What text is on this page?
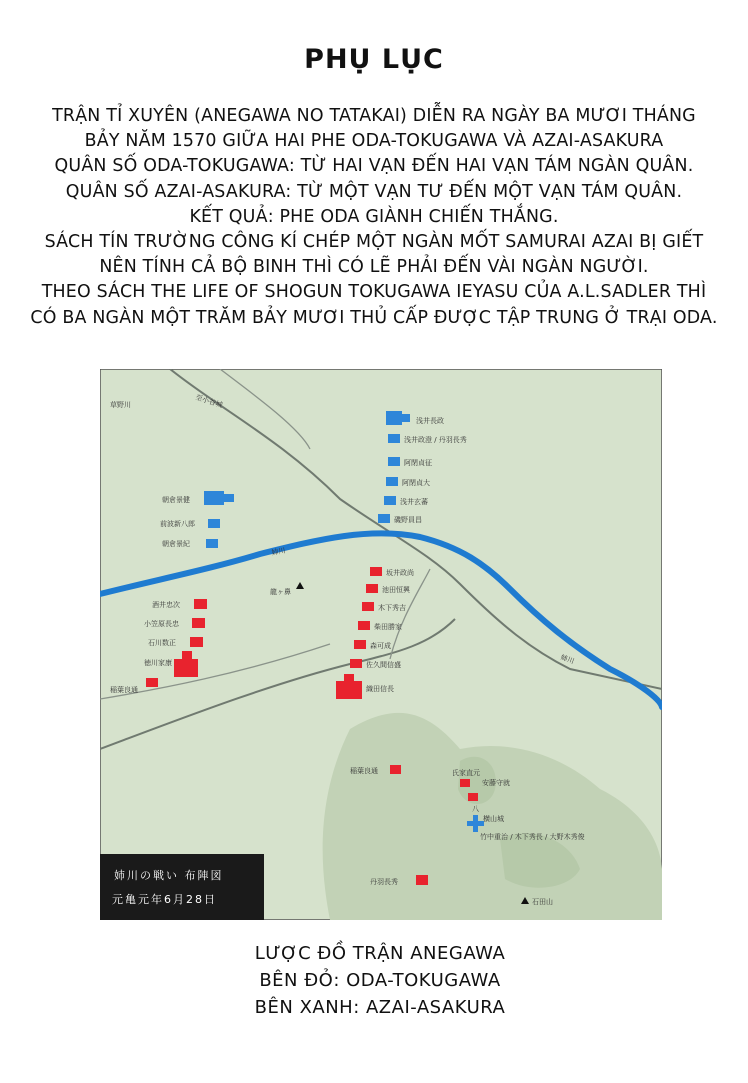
PHỤ LỤC
TRẬN TỈ XUYÊN (ANEGAWA NO TATAKAI) DIỄN RA NGÀY BA MƯƠI THÁNG
BẢY NĂM 1570 GIỮA HAI PHE ODA-TOKUGAWA VÀ AZAI-ASAKURA
QUÂN SỐ ODA-TOKUGAWA: TỪ HAI VẠN ĐẾN HAI VẠN TÁM NGÀN QUÂN.
QUÂN SỐ AZAI-ASAKURA: TỪ MỘT VẠN TƯ ĐẾN MỘT VẠN TÁM QUÂN.
KẾT QUẢ: PHE ODA GIÀNH CHIẾN THẮNG.
SÁCH TÍN TRƯỜNG CÔNG KÍ CHÉP MỘT NGÀN MỐT SAMURAI AZAI BỊ GIẾT
NÊN TÍNH CẢ BỘ BINH THÌ CÓ LẼ PHẢI ĐẾN VÀI NGÀN NGƯỜI.
THEO SÁCH THE LIFE OF SHOGUN TOKUGAWA IEYASU CỦA A.L.SADLER THÌ
CÓ BA NGÀN MỘT TRĂM BẢY MƯƠI THỦ CẤP ĐƯỢC TẬP TRUNG Ở TRẠI ODA.
草野川	至小谷城
姉川
姉川
龍ヶ鼻
横山城
八
石田山
浅井長政
浅井政澄 / 丹羽長秀
阿閉貞征
阿閉貞大
浅井玄蕃
磯野員昌
朝倉景健
前波新八郎
朝倉景紀
酒井忠次
小笠原長忠
石川数正
徳川家康
稲葉良通
坂井政尚
池田恒興
木下秀吉
柴田勝家
森可成
佐久間信盛
織田信長
稲葉良通	氏家直元
安藤守就
竹中重治 / 木下秀長 / 大野木秀俊
丹羽長秀
姉川の戦い 布陣図
元亀元年6月28日
LƯỢC ĐỒ TRẬN ANEGAWA
BÊN ĐỎ: ODA-TOKUGAWA
BÊN XANH: AZAI-ASAKURA
